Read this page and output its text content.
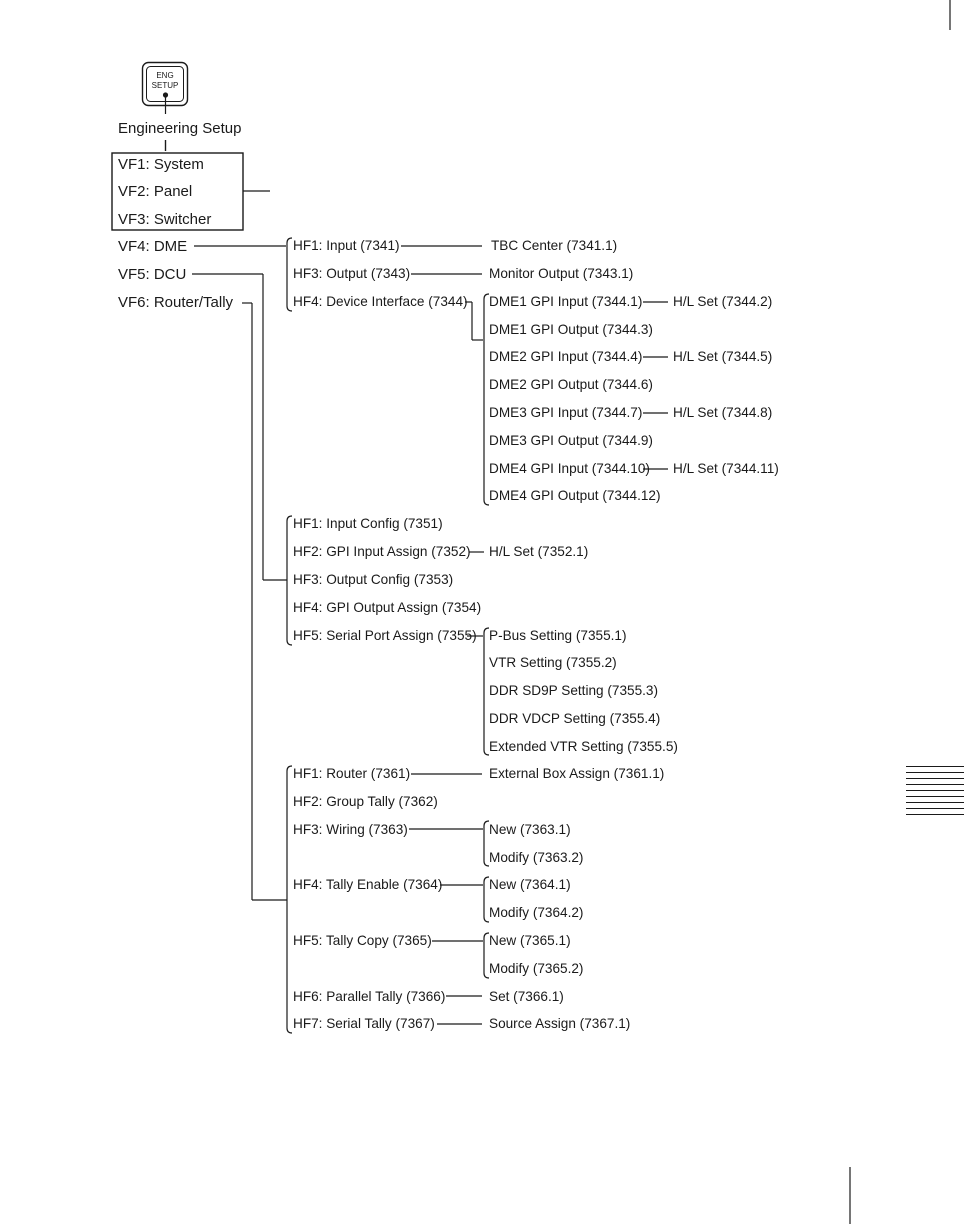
ENG
SETUP
Engineering Setup
VF1: System
VF2: Panel
VF3: Switcher
VF4: DME
VF5: DCU
VF6: Router/Tally
HF1: Input (7341)	TBC Center (7341.1)
HF3: Output (7343)	Monitor Output (7343.1)
HF4: Device Interface (7344) DME1 GPI Input (7344.1)
DME1 GPI Output (7344.3)
DME2 GPI Input (7344.4)
DME2 GPI Output (7344.6)
DME3 GPI Input (7344.7)
DME3 GPI Output (7344.9)
DME4 GPI Input (7344.10)
DME4 GPI Output (7344.12)
H/L Set (7344.2)
H/L Set (7344.5)
H/L Set (7344.8)
H/L Set (7344.11)
HF1: Input Config (7351)
HF2: GPI Input Assign (7352) H/L Set (7352.1)
HF3: Output Config (7353)
HF4: GPI Output Assign (7354)
HF5: Serial Port Assign (7355) P-Bus Setting (7355.1)
VTR Setting (7355.2)
DDR SD9P Setting (7355.3)
DDR VDCP Setting (7355.4)
Extended VTR Setting (7355.5)
HF1: Router (7361)	External Box Assign (7361.1)
HF2: Group Tally (7362)
HF3: Wiring (7363)	New (7363.1)
Modify (7363.2)
HF4: Tally Enable (7364)	New (7364.1)
Modify (7364.2)
HF5: Tally Copy (7365)	New (7365.1)
Modify (7365.2)
HF6: Parallel Tally (7366)	Set (7366.1)
HF7: Serial Tally (7367)	Source Assign (7367.1)
